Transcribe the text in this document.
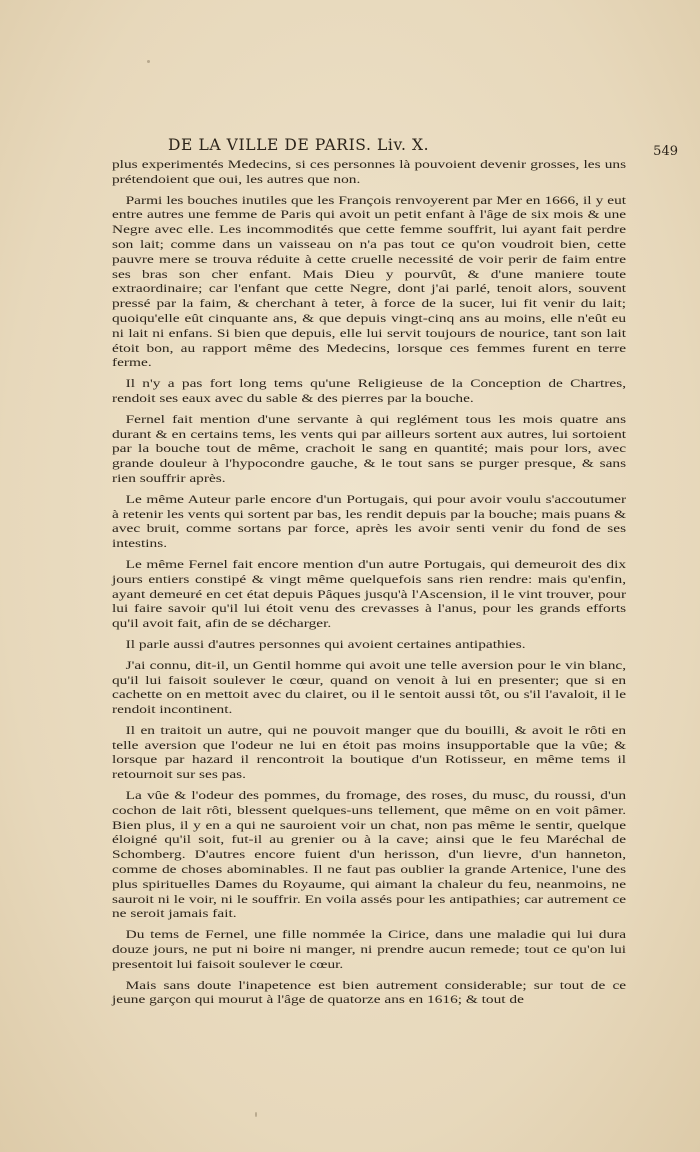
DE LA VILLE DE PARIS. Liv. X.	549

plus experimentés Medecins, si ces personnes là pouvoient devenir grosses, les uns prétendoient que oui, les autres que non.

Parmi les bouches inutiles que les François renvoyerent par Mer en 1666, il y eut entre autres une femme de Paris qui avoit un petit enfant à l'âge de six mois & une Negre avec elle. Les incommodités que cette femme souffrit, lui ayant fait perdre son lait; comme dans un vaisseau on n'a pas tout ce qu'on voudroit bien, cette pauvre mere se trouva réduite à cette cruelle necessité de voir perir de faim entre ses bras son cher enfant. Mais Dieu y pourvût, & d'une maniere toute extraordinaire; car l'enfant que cette Negre, dont j'ai parlé, tenoit alors, souvent pressé par la faim, & cherchant à teter, à force de la sucer, lui fit venir du lait; quoiqu'elle eût cinquante ans, & que depuis vingt-cinq ans au moins, elle n'eût eu ni lait ni enfans. Si bien que depuis, elle lui servit toujours de nourice, tant son lait étoit bon, au rapport même des Medecins, lorsque ces femmes furent en terre ferme.

Il n'y a pas fort long tems qu'une Religieuse de la Conception de Chartres, rendoit ses eaux avec du sable & des pierres par la bouche.

Fernel fait mention d'une servante à qui reglément tous les mois quatre ans durant & en certains tems, les vents qui par ailleurs sortent aux autres, lui sortoient par la bouche tout de même, crachoit le sang en quantité; mais pour lors, avec grande douleur à l'hypocondre gauche, & le tout sans se purger presque, & sans rien souffrir après.

Le même Auteur parle encore d'un Portugais, qui pour avoir voulu s'accoutumer à retenir les vents qui sortent par bas, les rendit depuis par la bouche; mais puans & avec bruit, comme sortans par force, après les avoir senti venir du fond de ses intestins.

Le même Fernel fait encore mention d'un autre Portugais, qui demeuroit des dix jours entiers constipé & vingt même quelquefois sans rien rendre: mais qu'enfin, ayant demeuré en cet état depuis Pâques jusqu'à l'Ascension, il le vint trouver, pour lui faire savoir qu'il lui étoit venu des crevasses à l'anus, pour les grands efforts qu'il avoit fait, afin de se décharger.

Il parle aussi d'autres personnes qui avoient certaines antipathies.

J'ai connu, dit-il, un Gentil homme qui avoit une telle aversion pour le vin blanc, qu'il lui faisoit soulever le cœur, quand on venoit à lui en presenter; que si en cachette on en mettoit avec du clairet, ou il le sentoit aussi tôt, ou s'il l'avaloit, il le rendoit incontinent.

Il en traitoit un autre, qui ne pouvoit manger que du bouilli, & avoit le rôti en telle aversion que l'odeur ne lui en étoit pas moins insupportable que la vûe; & lorsque par hazard il rencontroit la boutique d'un Rotisseur, en même tems il retournoit sur ses pas.

La vûe & l'odeur des pommes, du fromage, des roses, du musc, du roussi, d'un cochon de lait rôti, blessent quelques-uns tellement, que même on en voit pâmer. Bien plus, il y en a qui ne sauroient voir un chat, non pas même le sentir, quelque éloigné qu'il soit, fut-il au grenier ou à la cave; ainsi que le feu Maréchal de Schomberg. D'autres encore fuient d'un herisson, d'un lievre, d'un hanneton, comme de choses abominables. Il ne faut pas oublier la grande Artenice, l'une des plus spirituelles Dames du Royaume, qui aimant la chaleur du feu, neanmoins, ne sauroit ni le voir, ni le souffrir. En voila assés pour les antipathies; car autrement ce ne seroit jamais fait.

Du tems de Fernel, une fille nommée la Cirice, dans une maladie qui lui dura douze jours, ne put ni boire ni manger, ni prendre aucun remede; tout ce qu'on lui presentoit lui faisoit soulever le cœur.

Mais sans doute l'inapetence est bien autrement considerable; sur tout de ce jeune garçon qui mourut à l'âge de quatorze ans en 1616; & tout de
